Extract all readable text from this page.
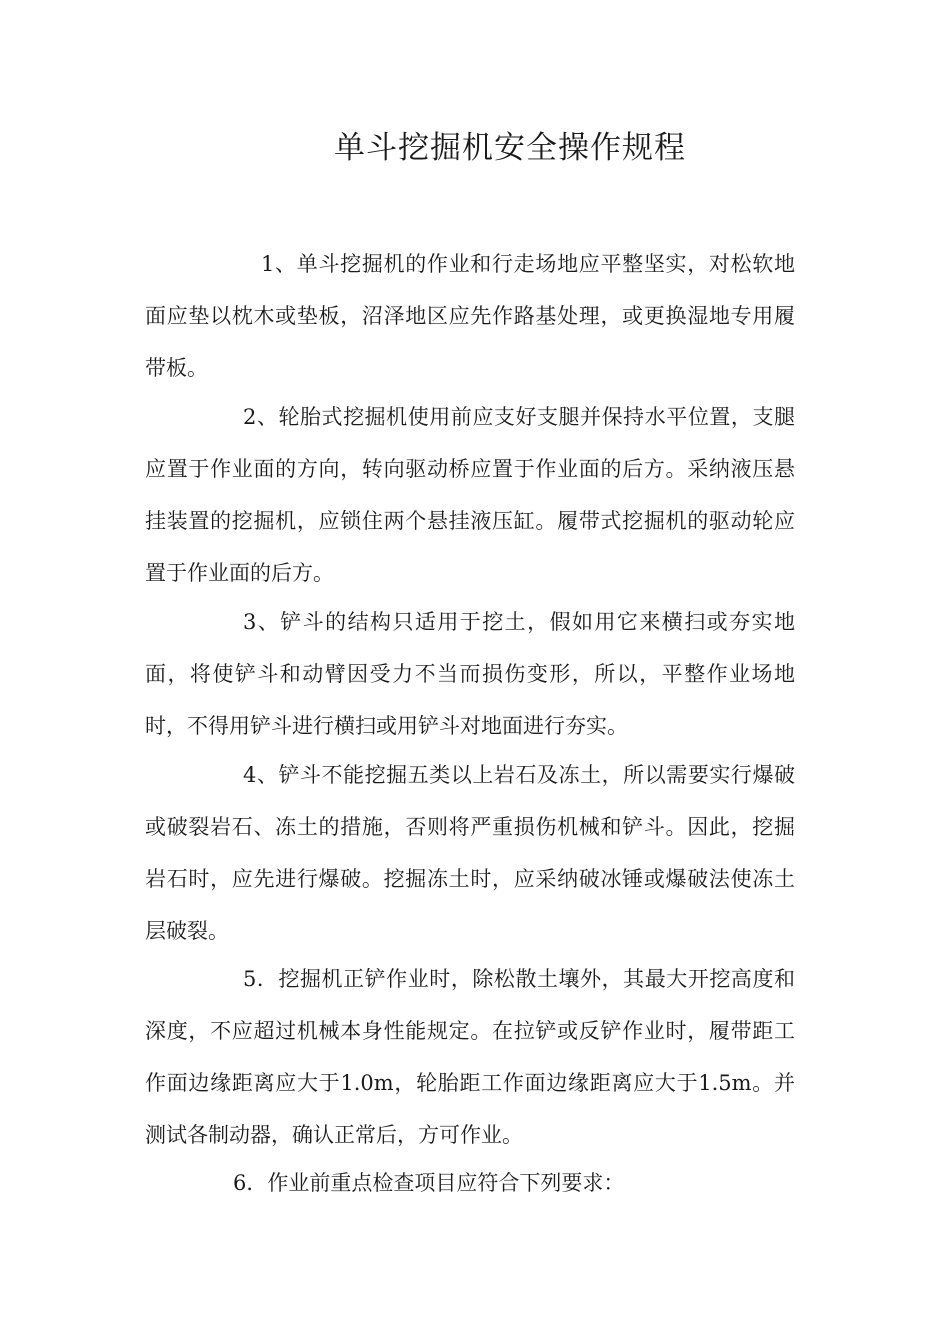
单斗挖掘机安全操作规程

1、单斗挖掘机的作业和行走场地应平整坚实，对松软地面应垫以枕木或垫板，沼泽地区应先作路基处理，或更换湿地专用履带板。

2、轮胎式挖掘机使用前应支好支腿并保持水平位置，支腿应置于作业面的方向，转向驱动桥应置于作业面的后方。采纳液压悬挂装置的挖掘机，应锁住两个悬挂液压缸。履带式挖掘机的驱动轮应置于作业面的后方。

3、铲斗的结构只适用于挖土，假如用它来横扫或夯实地面，将使铲斗和动臂因受力不当而损伤变形，所以，平整作业场地时，不得用铲斗进行横扫或用铲斗对地面进行夯实。

4、铲斗不能挖掘五类以上岩石及冻土，所以需要实行爆破或破裂岩石、冻土的措施，否则将严重损伤机械和铲斗。因此，挖掘岩石时，应先进行爆破。挖掘冻土时，应采纳破冰锤或爆破法使冻土层破裂。

5．挖掘机正铲作业时，除松散土壤外，其最大开挖高度和深度，不应超过机械本身性能规定。在拉铲或反铲作业时，履带距工作面边缘距离应大于1.0m，轮胎距工作面边缘距离应大于1.5m。并测试各制动器，确认正常后，方可作业。

6．作业前重点检查项目应符合下列要求：
